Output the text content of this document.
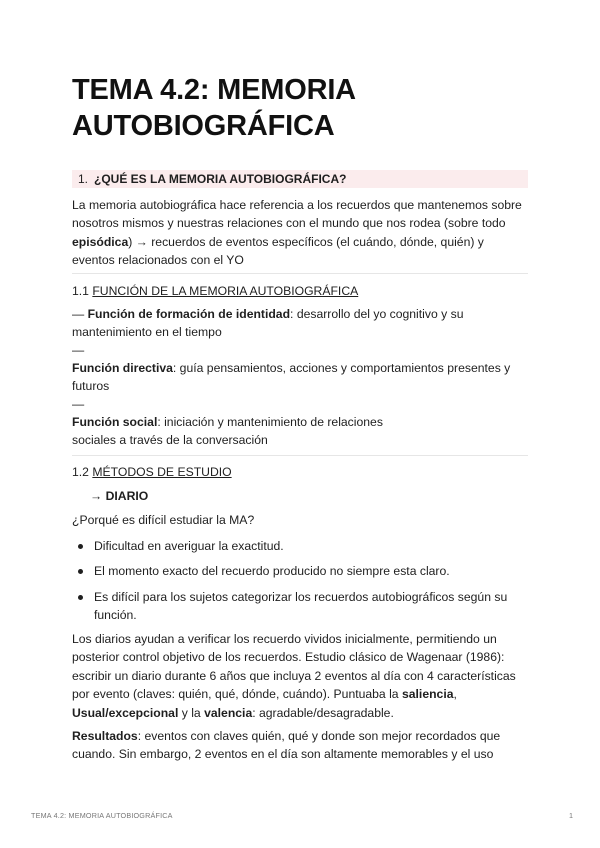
TEMA 4.2: MEMORIA AUTOBIOGRÁFICA
1. ¿QUÉ ES LA MEMORIA AUTOBIOGRÁFICA?

La memoria autobiográfica hace referencia a los recuerdos que mantenemos sobre nosotros mismos y nuestras relaciones con el mundo que nos rodea (sobre todo episódica) → recuerdos de eventos específicos (el cuándo, dónde, quién) y eventos relacionados con el YO

1.1 FUNCIÓN DE LA MEMORIA AUTOBIOGRÁFICA

— Función de formación de identidad: desarrollo del yo cognitivo y su mantenimiento en el tiempo

—

Función directiva: guía pensamientos, acciones y comportamientos presentes y futuros

—

Función social: iniciación y mantenimiento de relaciones sociales a través de la conversación

1.2 MÉTODOS DE ESTUDIO
→ DIARIO

¿Porqué es difícil estudiar la MA?

Dificultad en averiguar la exactitud.
El momento exacto del recuerdo producido no siempre esta claro.
Es difícil para los sujetos categorizar los recuerdos autobiográficos según su función.

Los diarios ayudan a verificar los recuerdo vividos inicialmente, permitiendo un posterior control objetivo de los recuerdos. Estudio clásico de Wagenaar (1986): escribir un diario durante 6 años que incluya 2 eventos al día con 4 características por evento (claves: quién, qué, dónde, cuándo). Puntuaba la saliencia, Usual/excepcional y la valencia: agradable/desagradable.

Resultados: eventos con claves quién, qué y donde son mejor recordados que cuando. Sin embargo, 2 eventos en el día son altamente memorables y el uso

TEMA 4.2: MEMORIA AUTOBIOGRÁFICA	1
